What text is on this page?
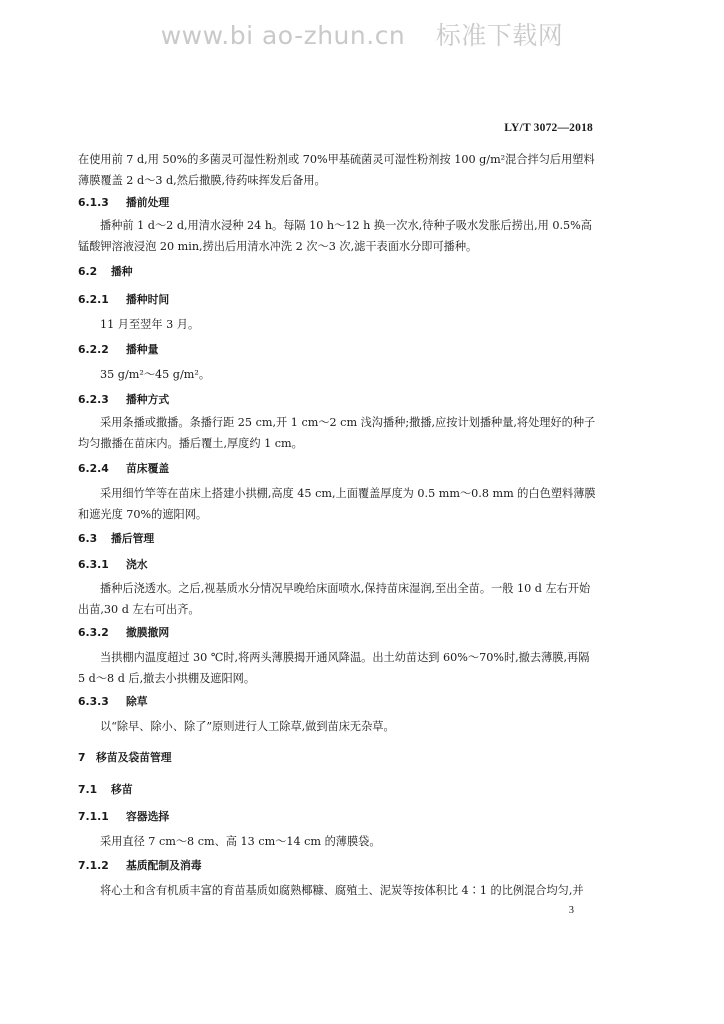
www.bi ao-zhun.cn 标准下载网
LY/T 3072—2018
在使用前 7 d,用 50%的多菌灵可湿性粉剂或 70%甲基硫菌灵可湿性粉剂按 100 g/m²混合拌匀后用塑料薄膜覆盖 2 d～3 d,然后撒膜,待药味挥发后备用。
6.1.3 播前处理
播种前 1 d～2 d,用清水浸种 24 h。每隔 10 h～12 h 换一次水,待种子吸水发胀后捞出,用 0.5%高锰酸钾溶液浸泡 20 min,捞出后用清水冲洗 2 次～3 次,滤干表面水分即可播种。
6.2 播种
6.2.1 播种时间
11 月至翌年 3 月。
6.2.2 播种量
35 g/m²～45 g/m²。
6.2.3 播种方式
采用条播或撒播。条播行距 25 cm,开 1 cm～2 cm 浅沟播种;撒播,应按计划播种量,将处理好的种子均匀撒播在苗床内。播后覆土,厚度约 1 cm。
6.2.4 苗床覆盖
采用细竹竿等在苗床上搭建小拱棚,高度 45 cm,上面覆盖厚度为 0.5 mm～0.8 mm 的白色塑料薄膜和遮光度 70%的遮阳网。
6.3 播后管理
6.3.1 浇水
播种后浇透水。之后,视基质水分情况早晚给床面喷水,保持苗床湿润,至出全苗。一般 10 d 左右开始出苗,30 d 左右可出齐。
6.3.2 撤膜撤网
当拱棚内温度超过 30 ℃时,将两头薄膜揭开通风降温。出土幼苗达到 60%～70%时,撤去薄膜,再隔 5 d～8 d 后,撤去小拱棚及遮阳网。
6.3.3 除草
以“除早、除小、除了”原则进行人工除草,做到苗床无杂草。
7 移苗及袋苗管理
7.1 移苗
7.1.1 容器选择
采用直径 7 cm～8 cm、高 13 cm～14 cm 的薄膜袋。
7.1.2 基质配制及消毒
将心土和含有机质丰富的育苗基质如腐熟椰糠、腐殖土、泥炭等按体积比 4∶1 的比例混合均匀,并
3
